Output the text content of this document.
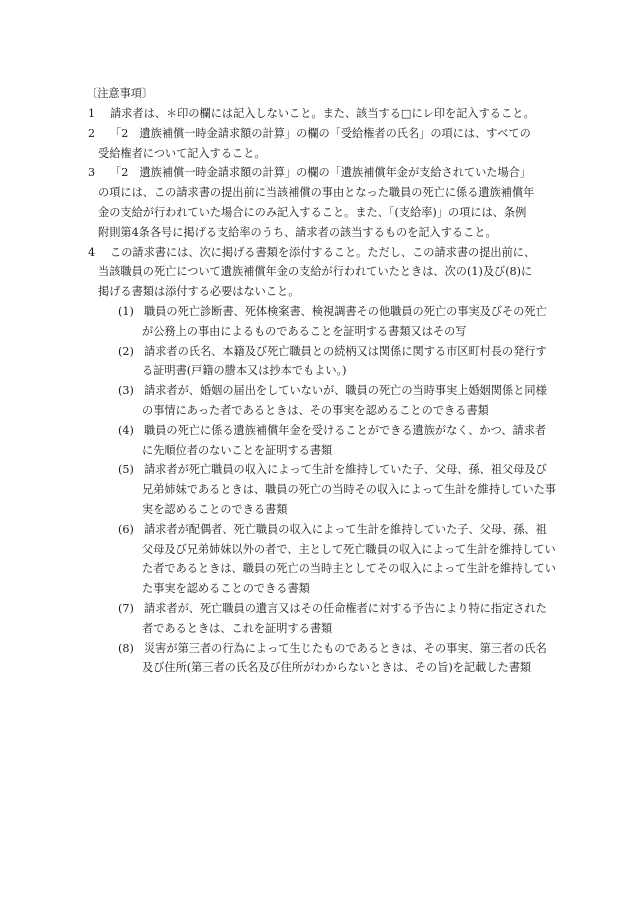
〔注意事項〕
1	請求者は、＊印の欄には記入しないこと。また、該当する□にレ印を記入すること。
2	「2　遺族補償一時金請求額の計算」の欄の「受給権者の氏名」の項には、すべての
受給権者について記入すること。
3	「2　遺族補償一時金請求額の計算」の欄の「遺族補償年金が支給されていた場合」
の項には、この請求書の提出前に当該補償の事由となった職員の死亡に係る遺族補償年
金の支給が行われていた場合にのみ記入すること。また、「(支給率)」の項には、条例
附則第4条各号に掲げる支給率のうち、請求者の該当するものを記入すること。
4	この請求書には、次に掲げる書類を添付すること。ただし、この請求書の提出前に、
当該職員の死亡について遺族補償年金の支給が行われていたときは、次の(1)及び(8)に
掲げる書類は添付する必要はないこと。
(1) 職員の死亡診断書、死体検案書、検視調書その他職員の死亡の事実及びその死亡
が公務上の事由によるものであることを証明する書類又はその写
(2) 請求者の氏名、本籍及び死亡職員との続柄又は関係に関する市区町村長の発行す
る証明書(戸籍の謄本又は抄本でもよい。)
(3) 請求者が、婚姻の届出をしていないが、職員の死亡の当時事実上婚姻関係と同様
の事情にあった者であるときは、その事実を認めることのできる書類
(4) 職員の死亡に係る遺族補償年金を受けることができる遺族がなく、かつ、請求者
に先順位者のないことを証明する書類
(5) 請求者が死亡職員の収入によって生計を維持していた子、父母、孫、祖父母及び
兄弟姉妹であるときは、職員の死亡の当時その収入によって生計を維持していた事
実を認めることのできる書類
(6) 請求者が配偶者、死亡職員の収入によって生計を維持していた子、父母、孫、祖
父母及び兄弟姉妹以外の者で、主として死亡職員の収入によって生計を維持してい
た者であるときは、職員の死亡の当時主としてその収入によって生計を維持してい
た事実を認めることのできる書類
(7) 請求者が、死亡職員の遺言又はその任命権者に対する予告により特に指定された
者であるときは、これを証明する書類
(8) 災害が第三者の行為によって生じたものであるときは、その事実、第三者の氏名
及び住所(第三者の氏名及び住所がわからないときは、その旨)を記載した書類
